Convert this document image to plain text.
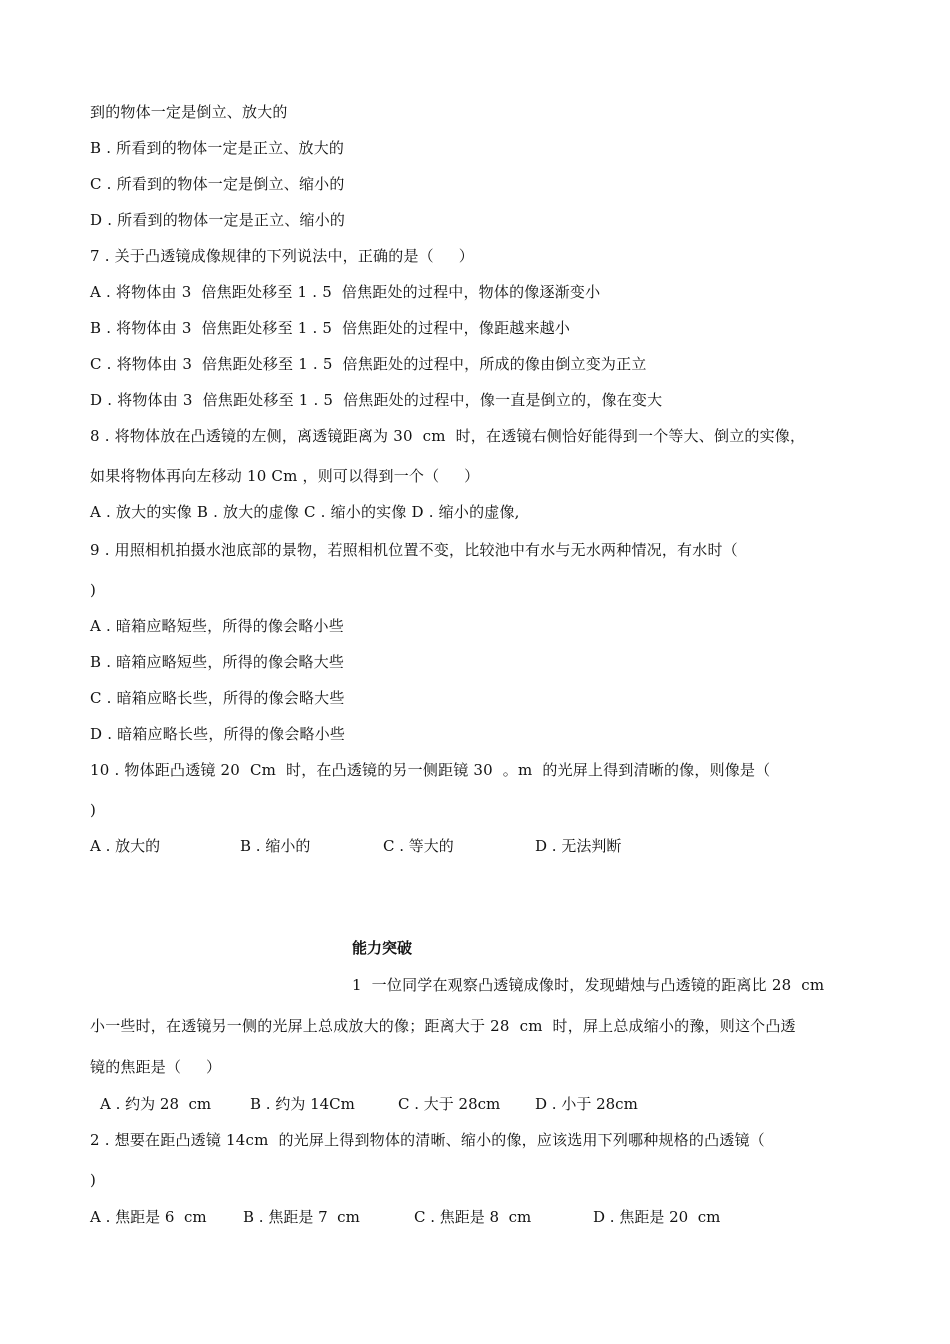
到的物体一定是倒立、放大的
B . 所看到的物体一定是正立、放大的
C . 所看到的物体一定是倒立、缩小的
D . 所看到的物体一定是正立、缩小的
7 . 关于凸透镜成像规律的下列说法中，正确的是（     ）
A . 将物体由 3  倍焦距处移至 1 . 5  倍焦距处的过程中，物体的像逐渐变小
B . 将物体由 3  倍焦距处移至 1 . 5  倍焦距处的过程中，像距越来越小
C . 将物体由 3  倍焦距处移至 1 . 5  倍焦距处的过程中，所成的像由倒立变为正立
D . 将物体由 3  倍焦距处移至 1 . 5  倍焦距处的过程中，像一直是倒立的，像在变大
8 . 将物体放在凸透镜的左侧，离透镜距离为 30  cm  时，在透镜右侧恰好能得到一个等大、倒立的实像，
如果将物体再向左移动 10 Cm ，则可以得到一个（     ）
A . 放大的实像 B . 放大的虚像 C . 缩小的实像 D . 缩小的虚像,
9 . 用照相机拍摄水池底部的景物，若照相机位置不变，比较池中有水与无水两种情况，有水时（
)
A . 暗箱应略短些，所得的像会略小些
B . 暗箱应略短些，所得的像会略大些
C . 暗箱应略长些，所得的像会略大些
D . 暗箱应略长些，所得的像会略小些
10 . 物体距凸透镜 20  Cm  时，在凸透镜的另一侧距镜 30  。m  的光屏上得到清晰的像，则像是（
)
A . 放大的	B . 缩小的	C . 等大的	D . 无法判断
能力突破
1  一位同学在观察凸透镜成像时，发现蜡烛与凸透镜的距离比 28  cm
小一些时，在透镜另一侧的光屏上总成放大的像；距离大于 28  cm  时，屏上总成缩小的豫，则这个凸透
镜的焦距是（     ）
A . 约为 28  cm	B . 约为 14Cm	C . 大于 28cm D . 小于 28cm
2 . 想要在距凸透镜 14cm  的光屏上得到物体的清晰、缩小的像，应该选用下列哪种规格的凸透镜（
)
A . 焦距是 6  cm B . 焦距是 7  cm	C . 焦距是 8  cm	D . 焦距是 20  cm
